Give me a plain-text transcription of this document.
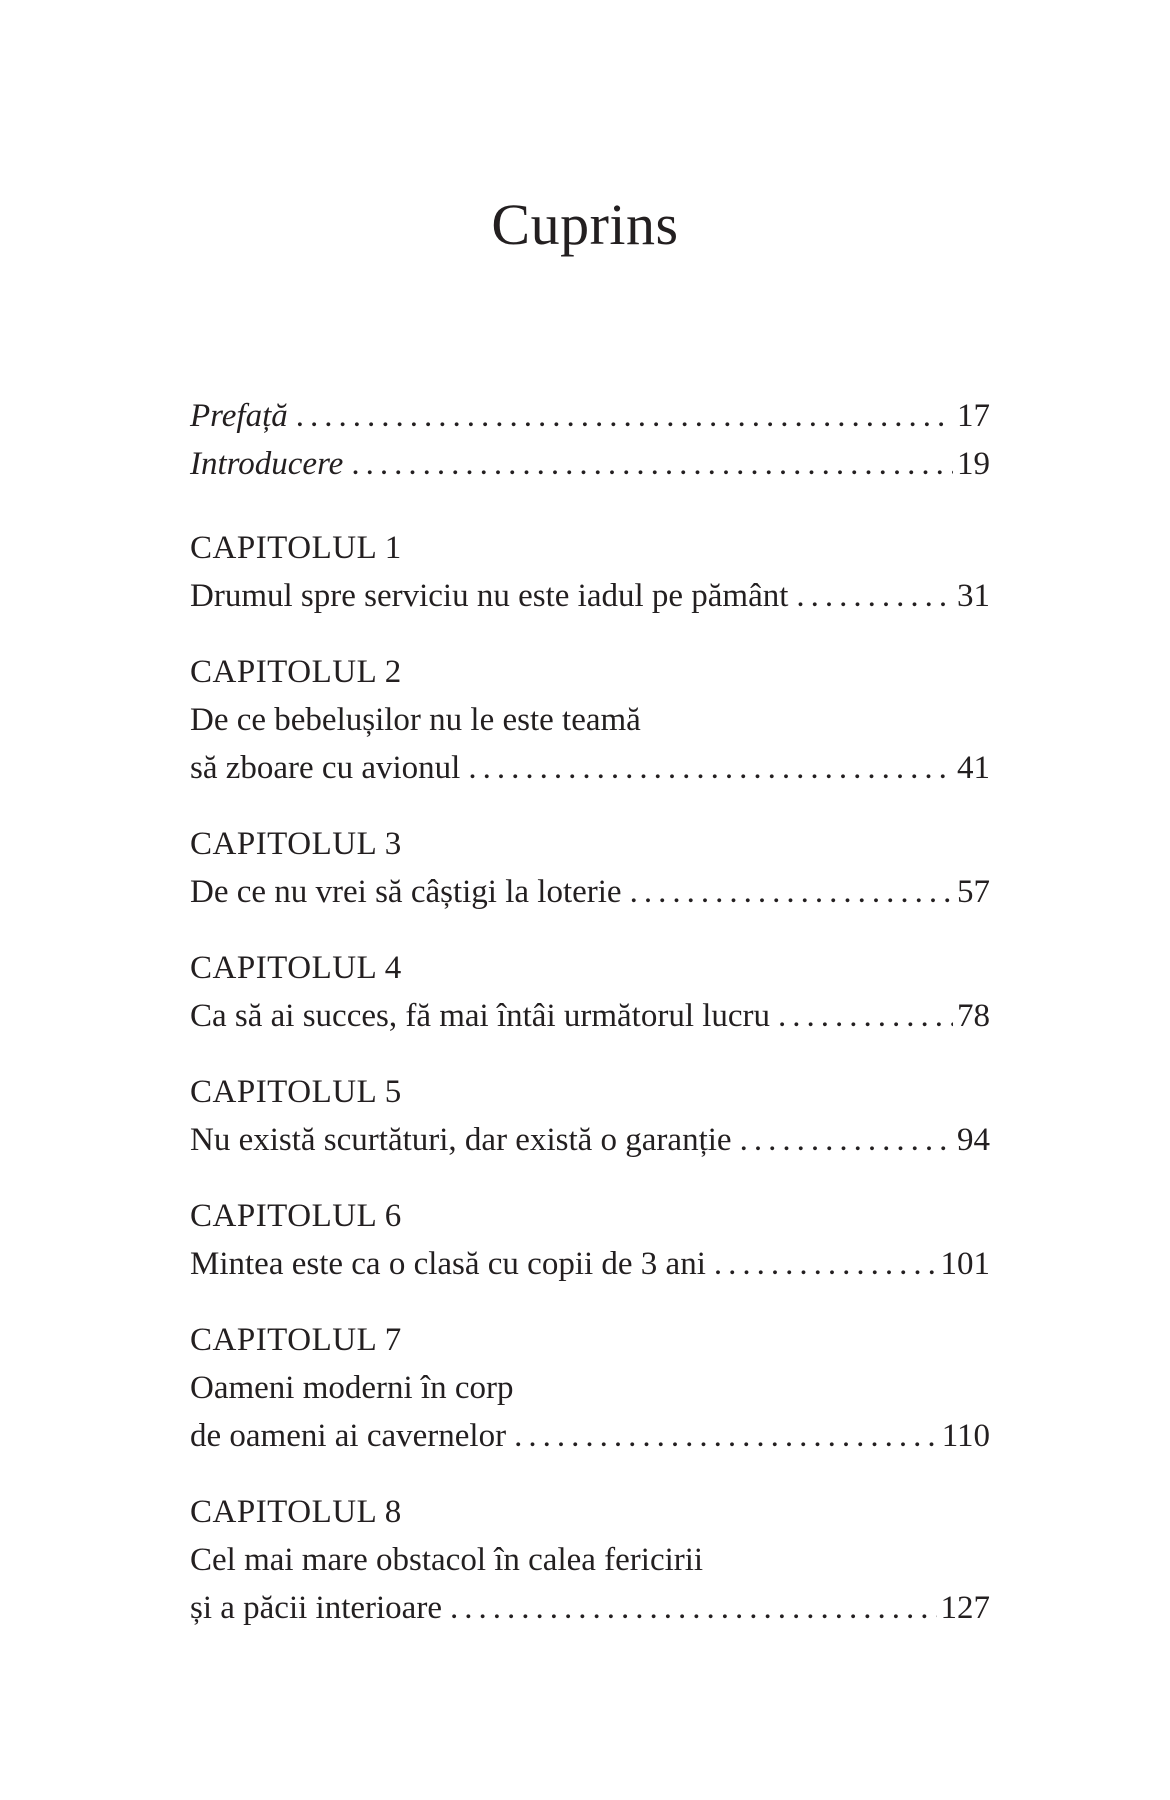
Cuprins
Prefață .....	17
Introducere .....	19
CAPITOLUL 1
Drumul spre serviciu nu este iadul pe pământ .....	31
CAPITOLUL 2
De ce bebelușilor nu le este teamă
să zboare cu avionul .....	41
CAPITOLUL 3
De ce nu vrei să câștigi la loterie .....	57
CAPITOLUL 4
Ca să ai succes, fă mai întâi următorul lucru .....	78
CAPITOLUL 5
Nu există scurtături, dar există o garanție .....	94
CAPITOLUL 6
Mintea este ca o clasă cu copii de 3 ani .....	101
CAPITOLUL 7
Oameni moderni în corp
de oameni ai cavernelor .....	110
CAPITOLUL 8
Cel mai mare obstacol în calea fericirii
și a păcii interioare .....	127
